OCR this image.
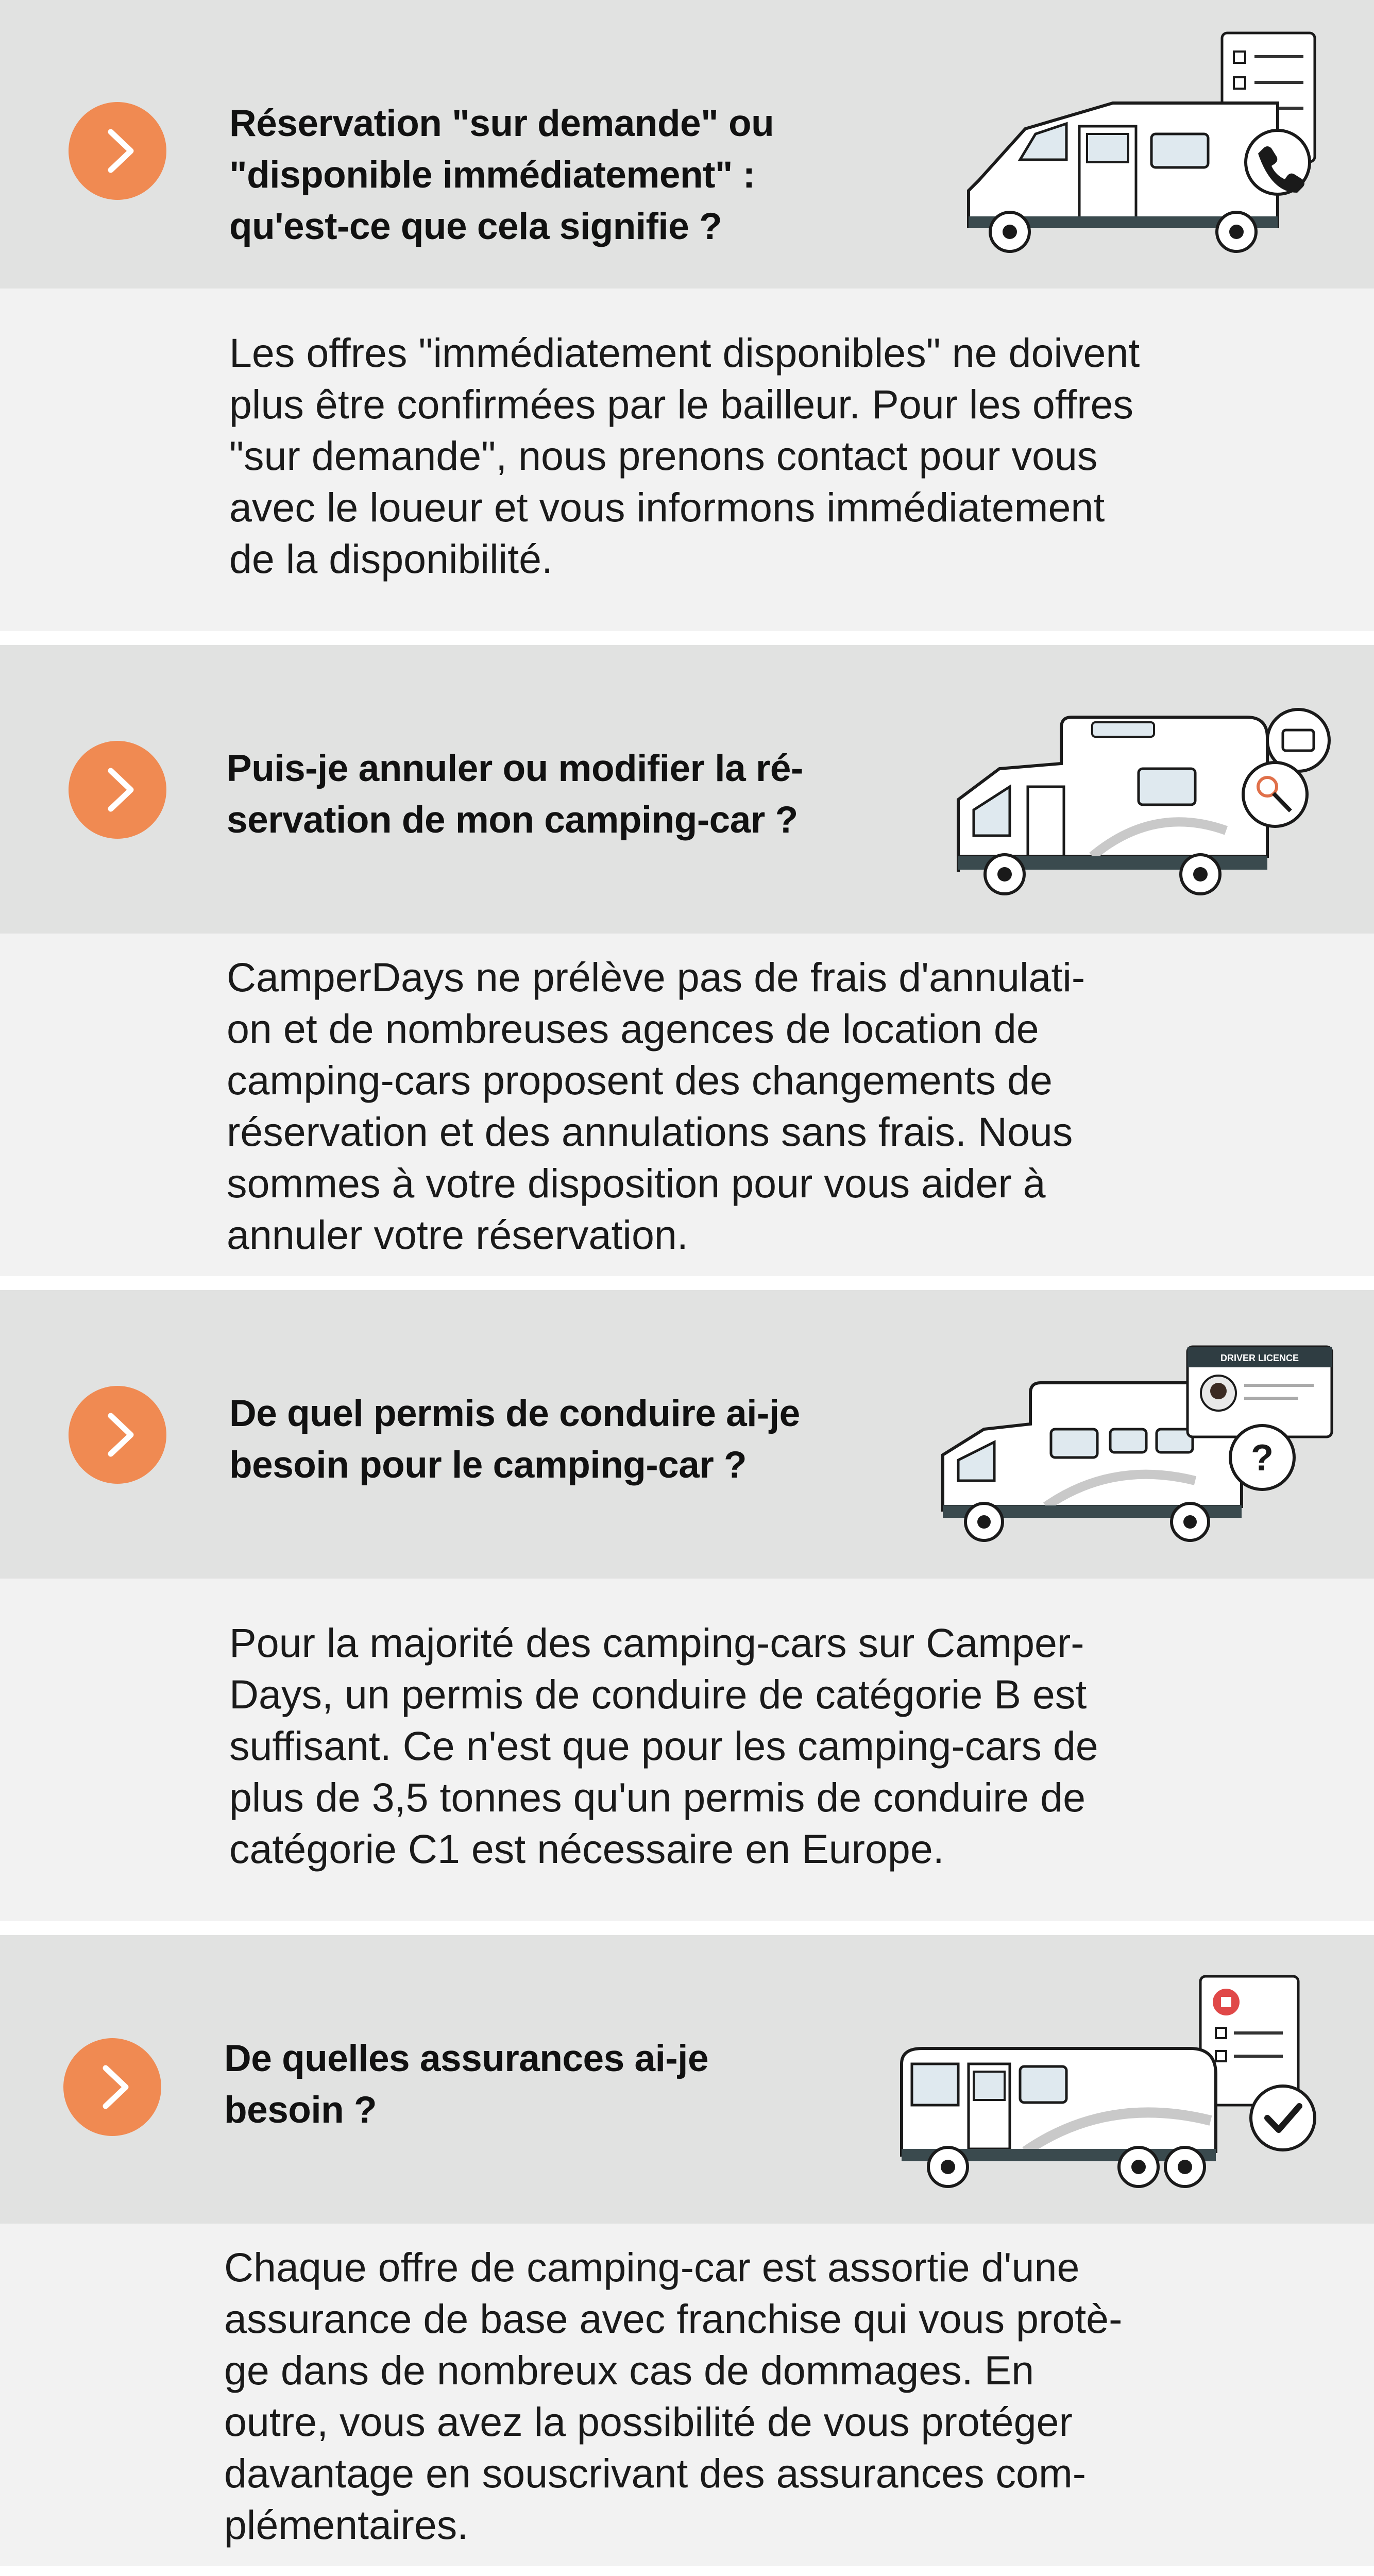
Réservation "sur demande" ou
"disponible immédiatement" :
qu'est-ce que cela signifie ?
Les offres "immédiatement disponibles" ne doivent
plus être confirmées par le bailleur. Pour les offres
"sur demande", nous prenons contact pour vous
avec le loueur et vous informons immédiatement
de la disponibilité.
Puis-je annuler ou modifier la ré-
servation de mon camping-car ?
CamperDays ne prélève pas de frais d'annulati-
on et de nombreuses agences de location de
camping-cars proposent des changements de
réservation et des annulations sans frais. Nous
sommes à votre disposition pour vous aider à
annuler votre réservation.
De quel permis de conduire ai-je
besoin pour le camping-car ?
DRIVER LICENCE
?
Pour la majorité des camping-cars sur Camper-
Days, un permis de conduire de catégorie B est
suffisant. Ce n'est que pour les camping-cars de
plus de 3,5 tonnes qu'un permis de conduire de
catégorie C1 est nécessaire en Europe.
De quelles assurances ai-je
besoin ?
Chaque offre de camping-car est assortie d'une
assurance de base avec franchise qui vous protè-
ge dans de nombreux cas de dommages. En
outre, vous avez la possibilité de vous protéger
davantage en souscrivant des assurances com-
plémentaires.
